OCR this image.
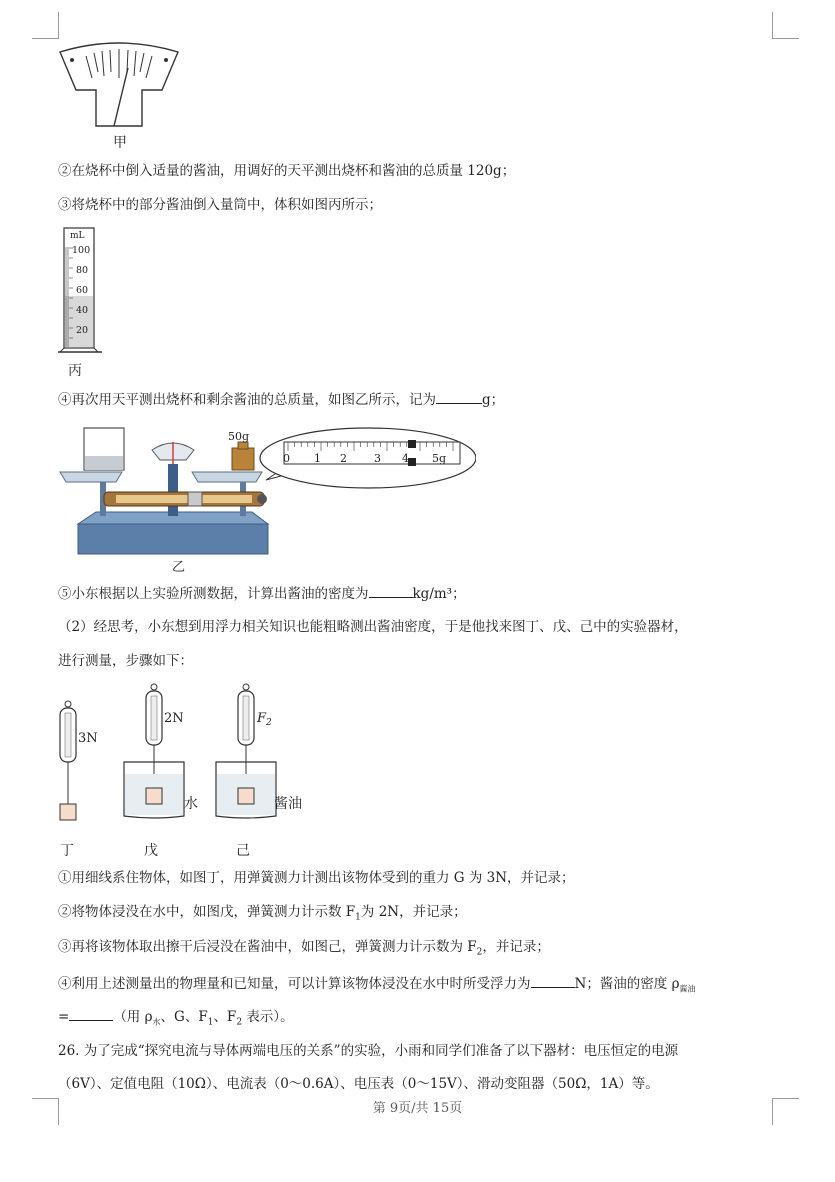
甲
②在烧杯中倒入适量的酱油，用调好的天平测出烧杯和酱油的总质量 120g；
③将烧杯中的部分酱油倒入量筒中，体积如图丙所示；
mL
100
80
60
40
20
丙
④再次用天平测出烧杯和剩余酱油的总质量，如图乙所示，记为	g；
50g
0 1 2 3 4 5g
乙
⑤小东根据以上实验所测数据，计算出酱油的密度为	kg/m³；
（2）经思考，小东想到用浮力相关知识也能粗略测出酱油密度，于是他找来图丁、戊、己中的实验器材，
进行测量，步骤如下：
3N
2N
水
$F_2$
酱油
丁	戊	己
①用细线系住物体，如图丁，用弹簧测力计测出该物体受到的重力 G 为 3N，并记录；
②将物体浸没在水中，如图戊，弹簧测力计示数 $F_1$为 2N，并记录；
③再将该物体取出擦干后浸没在酱油中，如图己，弹簧测力计示数为 $F_2$，并记录；
④利用上述测量出的物理量和已知量，可以计算该物体浸没在水中时所受浮力为	N；酱油的密度 $\rho_{酱油}$
=	（用 $\rho_水$、G、$F_1$、$F_2$ 表示）。
26. 为了完成“探究电流与导体两端电压的关系”的实验，小雨和同学们准备了以下器材：电压恒定的电源
（6V）、定值电阻（10Ω）、电流表（0～0.6A）、电压表（0～15V）、滑动变阻器（50Ω，1A）等。
第 9页/共 15页
